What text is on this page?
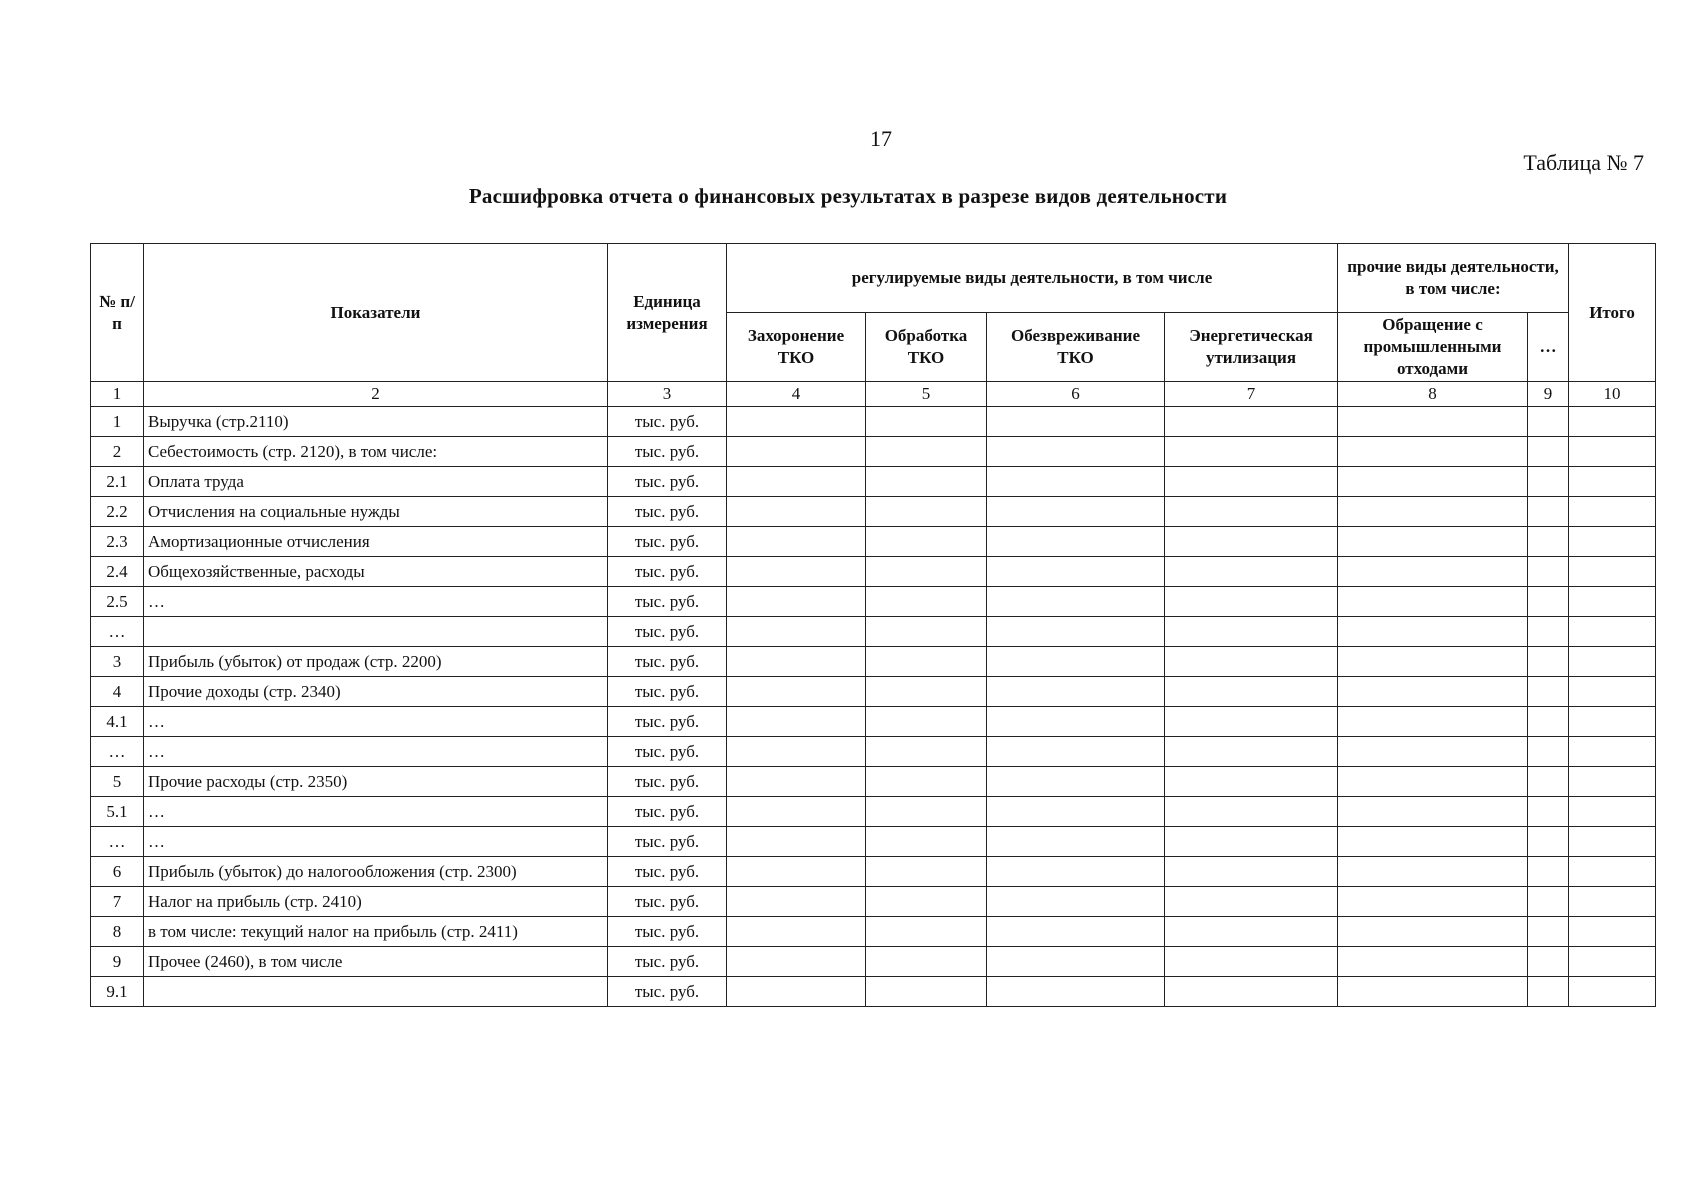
17
Таблица № 7
Расшифровка отчета о финансовых результатах в разрезе видов деятельности
№ п/п	Показатели	Единица измерения	регулируемые виды деятельности, в том числе				прочие виды деятельности, в том числе:		Итого
			Захоронение ТКО	Обработка ТКО	Обезвреживание ТКО	Энергетическая утилизация	Обращение с промышленными отходами	…	
1	2	3	4	5	6	7	8	9	10
1	Выручка (стр.2110)	тыс. руб.							
2	Себестоимость (стр. 2120), в том числе:	тыс. руб.							
2.1	Оплата труда	тыс. руб.							
2.2	Отчисления на социальные нужды	тыс. руб.							
2.3	Амортизационные отчисления	тыс. руб.							
2.4	Общехозяйственные, расходы	тыс. руб.							
2.5	…	тыс. руб.							
…		тыс. руб.							
3	Прибыль (убыток) от продаж (стр. 2200)	тыс. руб.							
4	Прочие доходы (стр. 2340)	тыс. руб.							
4.1	…	тыс. руб.							
…	…	тыс. руб.							
5	Прочие расходы (стр. 2350)	тыс. руб.							
5.1	…	тыс. руб.							
…	…	тыс. руб.							
6	Прибыль (убыток) до налогообложения (стр. 2300)	тыс. руб.							
7	Налог на прибыль (стр. 2410)	тыс. руб.							
8	в том числе: текущий налог на прибыль (стр. 2411)	тыс. руб.							
9	Прочее (2460), в том числе	тыс. руб.							
9.1		тыс. руб.							
